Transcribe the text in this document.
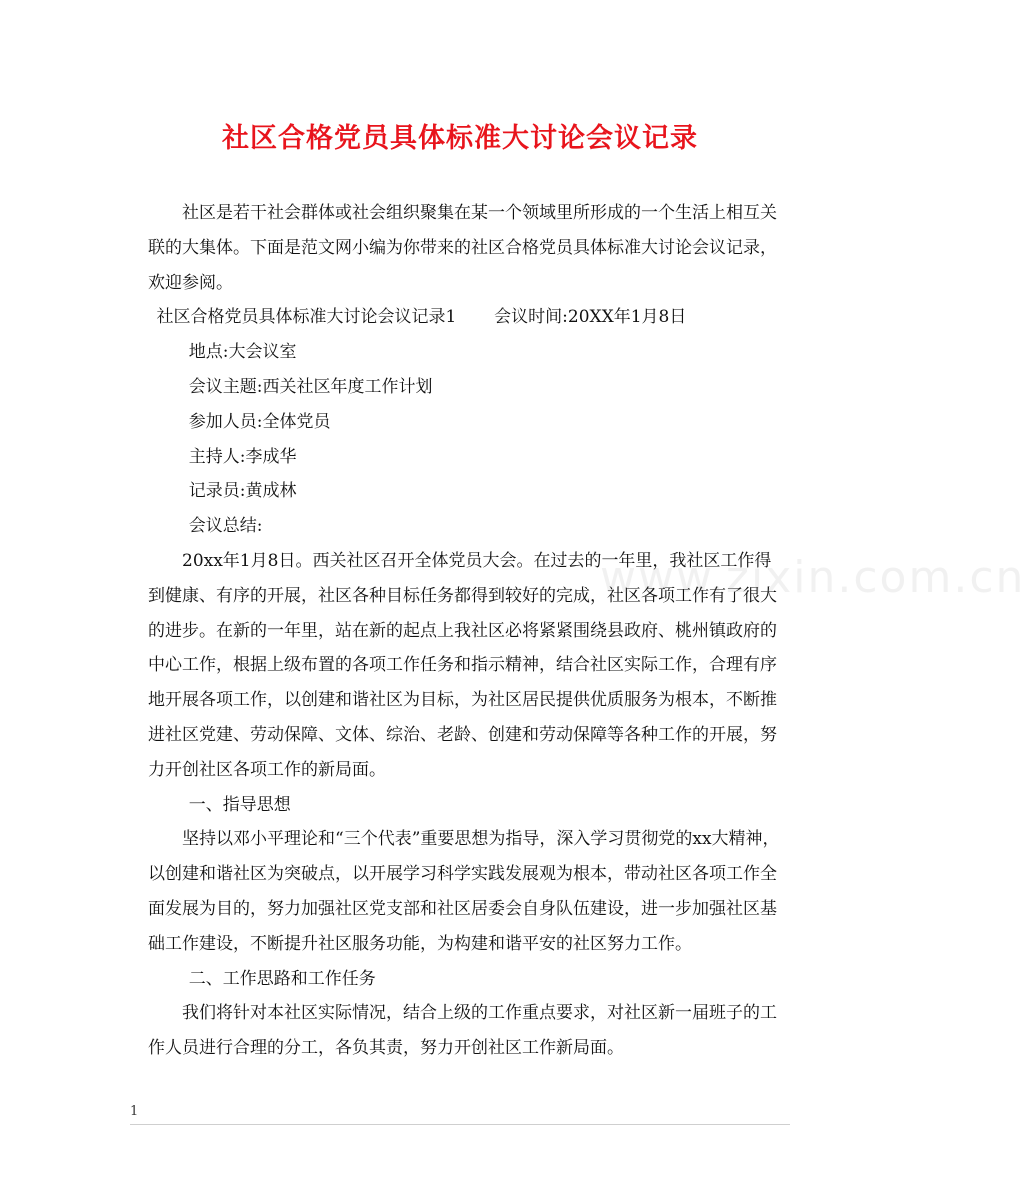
社区合格党员具体标准大讨论会议记录

社区是若干社会群体或社会组织聚集在某一个领域里所形成的一个生活上相互关联的大集体。下面是范文网小编为你带来的社区合格党员具体标准大讨论会议记录，欢迎参阅。

社区合格党员具体标准大讨论会议记录1 会议时间:20XX年1月8日

地点:大会议室

会议主题:西关社区年度工作计划

参加人员:全体党员

主持人:李成华

记录员:黄成林

会议总结:

20xx年1月8日。西关社区召开全体党员大会。在过去的一年里，我社区工作得到健康、有序的开展，社区各种目标任务都得到较好的完成，社区各项工作有了很大的进步。在新的一年里，站在新的起点上我社区必将紧紧围绕县政府、桃州镇政府的中心工作，根据上级布置的各项工作任务和指示精神，结合社区实际工作，合理有序地开展各项工作，以创建和谐社区为目标，为社区居民提供优质服务为根本，不断推进社区党建、劳动保障、文体、综治、老龄、创建和劳动保障等各种工作的开展，努力开创社区各项工作的新局面。

一、指导思想

坚持以邓小平理论和“三个代表”重要思想为指导，深入学习贯彻党的xx大精神，以创建和谐社区为突破点，以开展学习科学实践发展观为根本，带动社区各项工作全面发展为目的，努力加强社区党支部和社区居委会自身队伍建设，进一步加强社区基础工作建设，不断提升社区服务功能，为构建和谐平安的社区努力工作。

二、工作思路和工作任务

我们将针对本社区实际情况，结合上级的工作重点要求，对社区新一届班子的工作人员进行合理的分工，各负其责，努力开创社区工作新局面。

www.zixin.com.cn
1
